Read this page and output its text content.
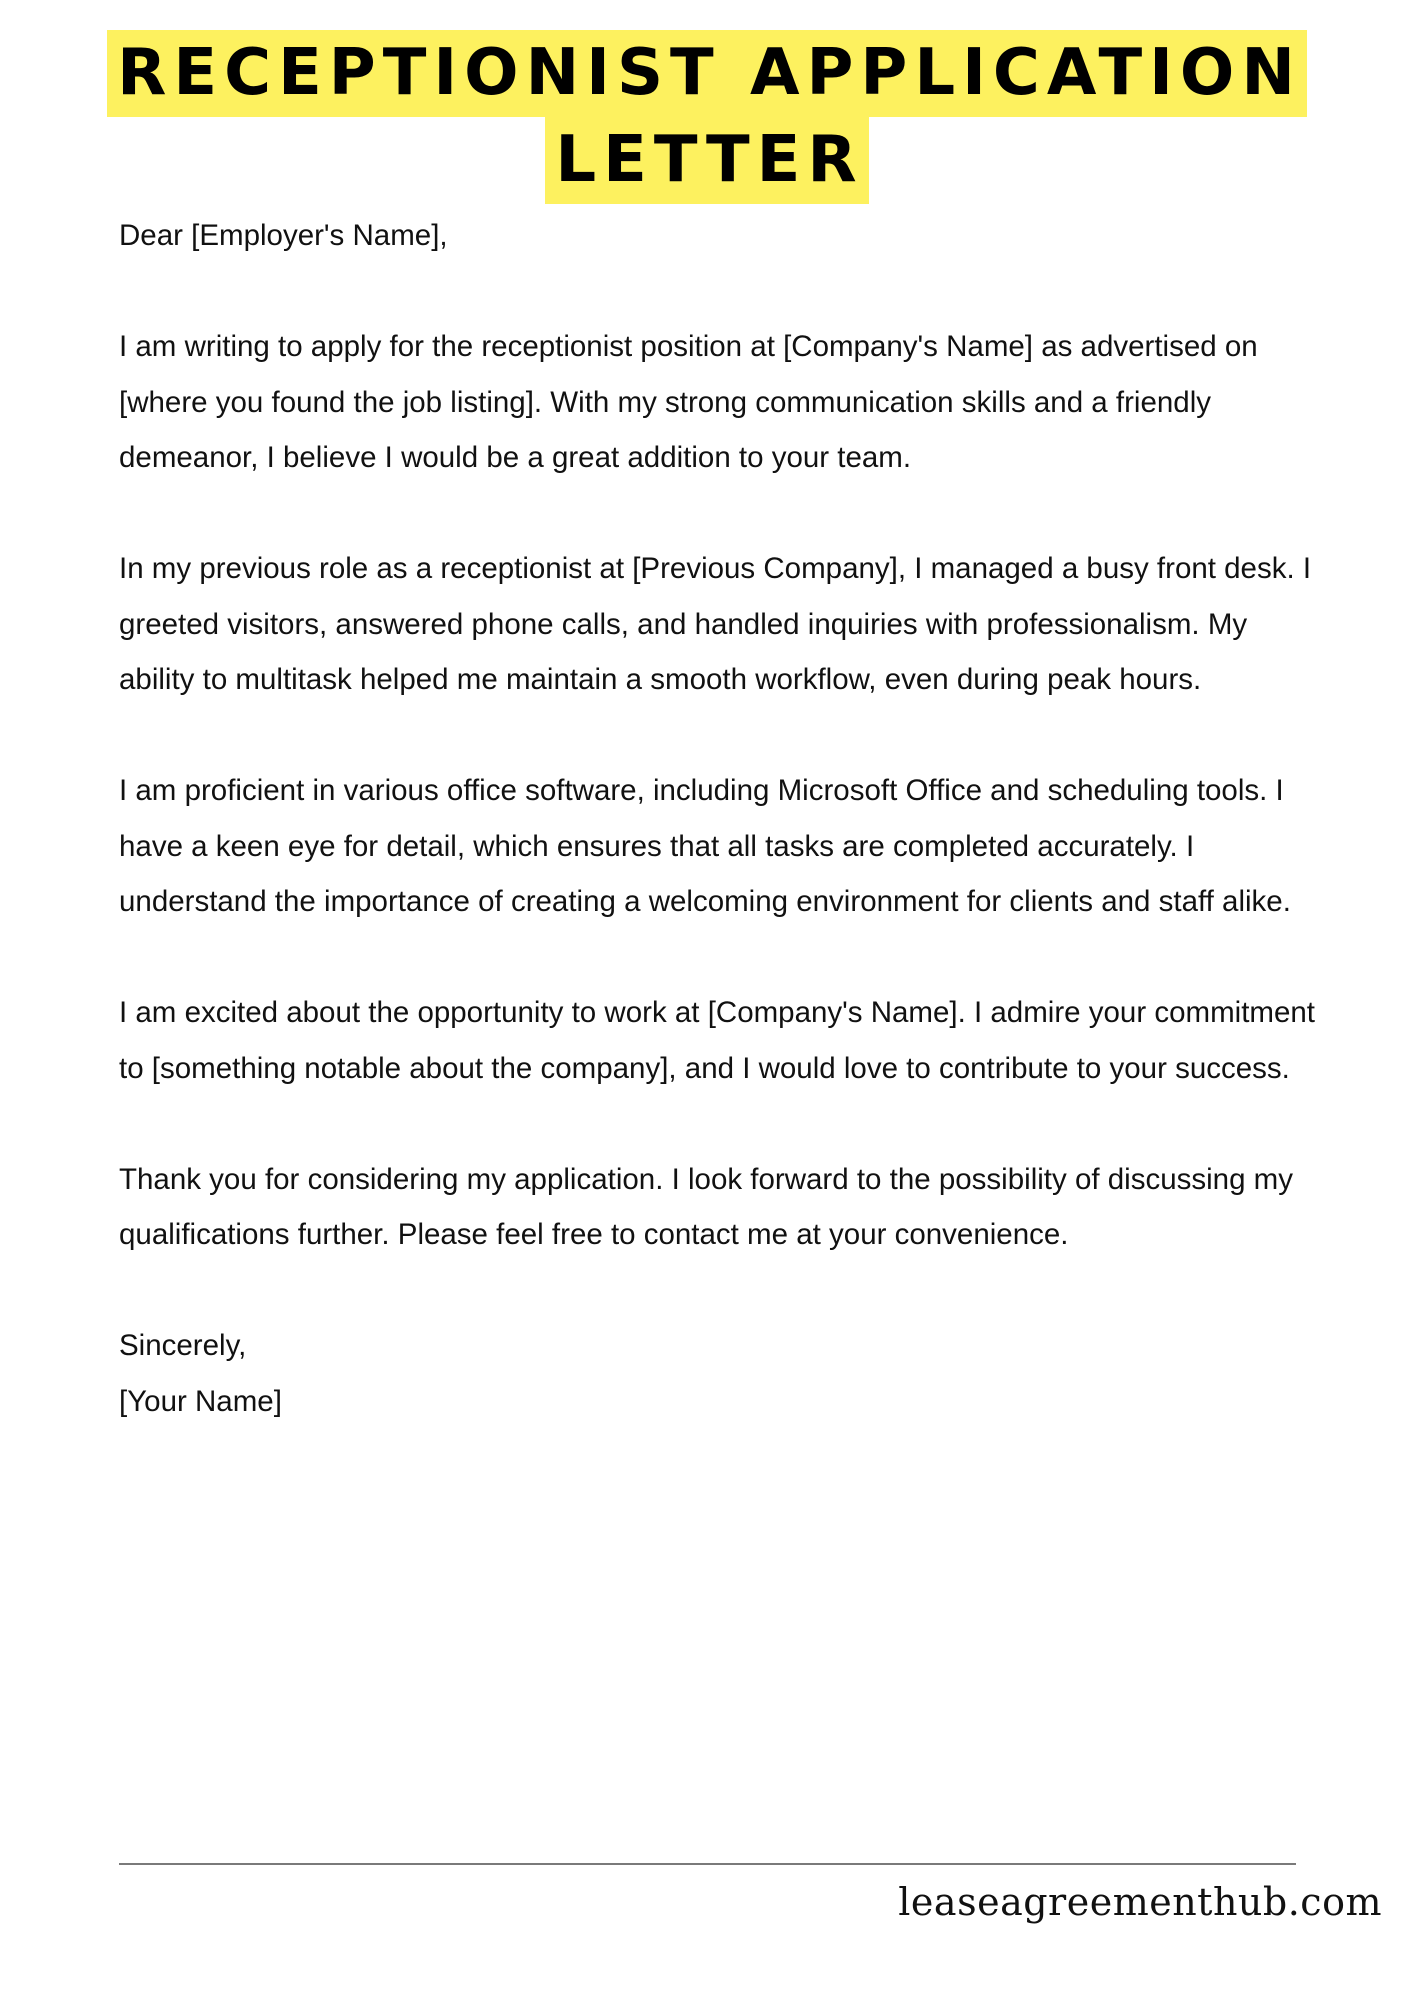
RECEPTIONIST APPLICATION
LETTER

Dear [Employer's Name],

I am writing to apply for the receptionist position at [Company's Name] as advertised on [where you found the job listing]. With my strong communication skills and a friendly demeanor, I believe I would be a great addition to your team.

In my previous role as a receptionist at [Previous Company], I managed a busy front desk. I greeted visitors, answered phone calls, and handled inquiries with professionalism. My ability to multitask helped me maintain a smooth workflow, even during peak hours.

I am proficient in various office software, including Microsoft Office and scheduling tools. I have a keen eye for detail, which ensures that all tasks are completed accurately. I understand the importance of creating a welcoming environment for clients and staff alike.

I am excited about the opportunity to work at [Company's Name]. I admire your commitment to [something notable about the company], and I would love to contribute to your success.

Thank you for considering my application. I look forward to the possibility of discussing my qualifications further. Please feel free to contact me at your convenience.

Sincerely,

[Your Name]

leaseagreementhub.com
